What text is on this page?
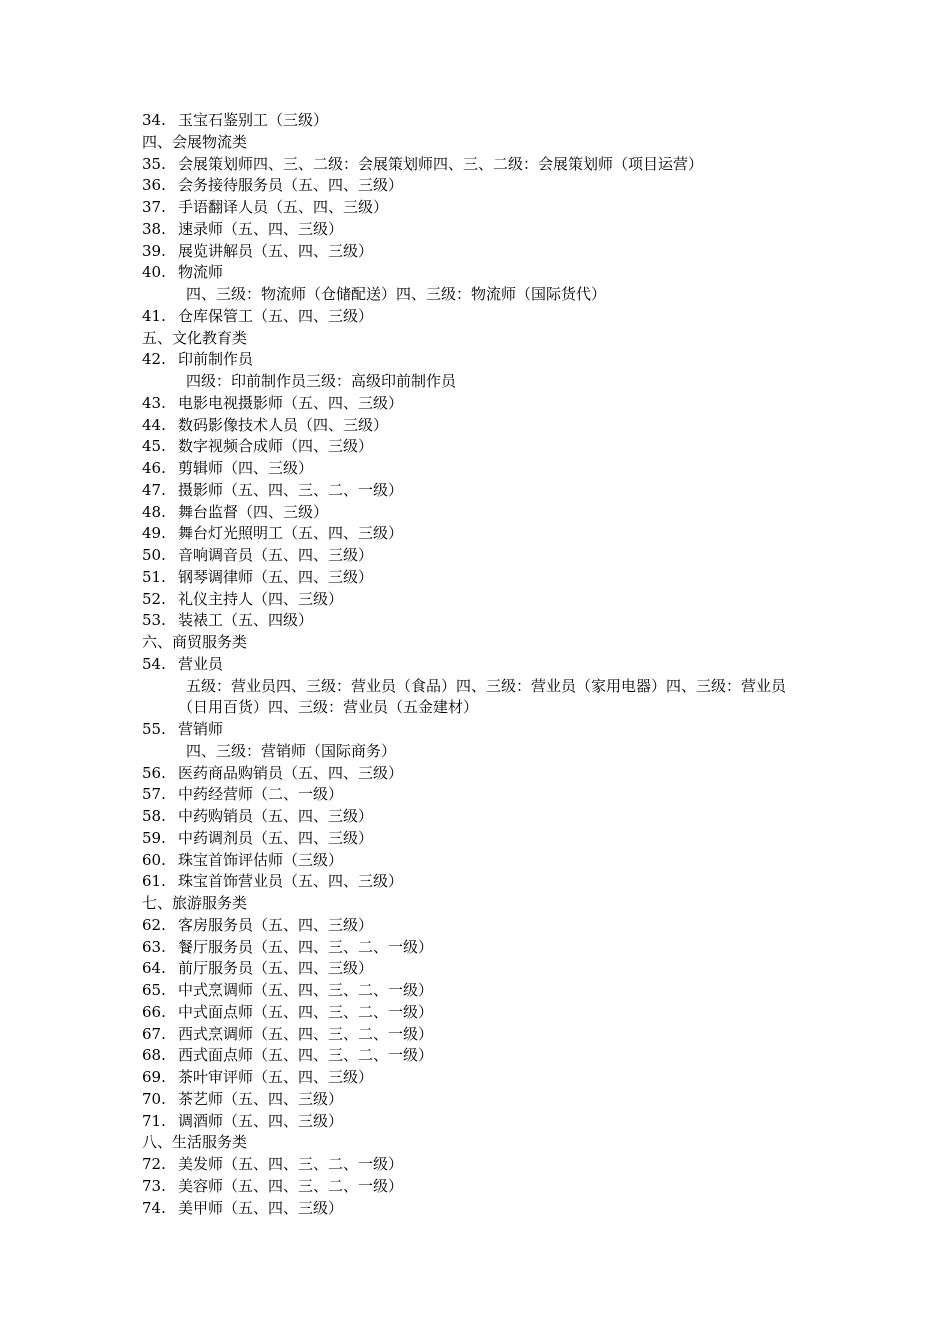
34. 玉宝石鉴别工（三级）
四、会展物流类
35. 会展策划师四、三、二级：会展策划师四、三、二级：会展策划师（项目运营）
36. 会务接待服务员（五、四、三级）
37. 手语翻译人员（五、四、三级）
38. 速录师（五、四、三级）
39. 展览讲解员（五、四、三级）
40. 物流师
四、三级：物流师（仓储配送）四、三级：物流师（国际货代）
41. 仓库保管工（五、四、三级）
五、文化教育类
42. 印前制作员
四级：印前制作员三级：高级印前制作员
43. 电影电视摄影师（五、四、三级）
44. 数码影像技术人员（四、三级）
45. 数字视频合成师（四、三级）
46. 剪辑师（四、三级）
47. 摄影师（五、四、三、二、一级）
48. 舞台监督（四、三级）
49. 舞台灯光照明工（五、四、三级）
50. 音响调音员（五、四、三级）
51. 钢琴调律师（五、四、三级）
52. 礼仪主持人（四、三级）
53. 装裱工（五、四级）
六、商贸服务类
54. 营业员
五级：营业员四、三级：营业员（食品）四、三级：营业员（家用电器）四、三级：营业员
（日用百货）四、三级：营业员（五金建材）
55. 营销师
四、三级：营销师（国际商务）
56. 医药商品购销员（五、四、三级）
57. 中药经营师（二、一级）
58. 中药购销员（五、四、三级）
59. 中药调剂员（五、四、三级）
60. 珠宝首饰评估师（三级）
61. 珠宝首饰营业员（五、四、三级）
七、旅游服务类
62. 客房服务员（五、四、三级）
63. 餐厅服务员（五、四、三、二、一级）
64. 前厅服务员（五、四、三级）
65. 中式烹调师（五、四、三、二、一级）
66. 中式面点师（五、四、三、二、一级）
67. 西式烹调师（五、四、三、二、一级）
68. 西式面点师（五、四、三、二、一级）
69. 茶叶审评师（五、四、三级）
70. 茶艺师（五、四、三级）
71. 调酒师（五、四、三级）
八、生活服务类
72. 美发师（五、四、三、二、一级）
73. 美容师（五、四、三、二、一级）
74. 美甲师（五、四、三级）
